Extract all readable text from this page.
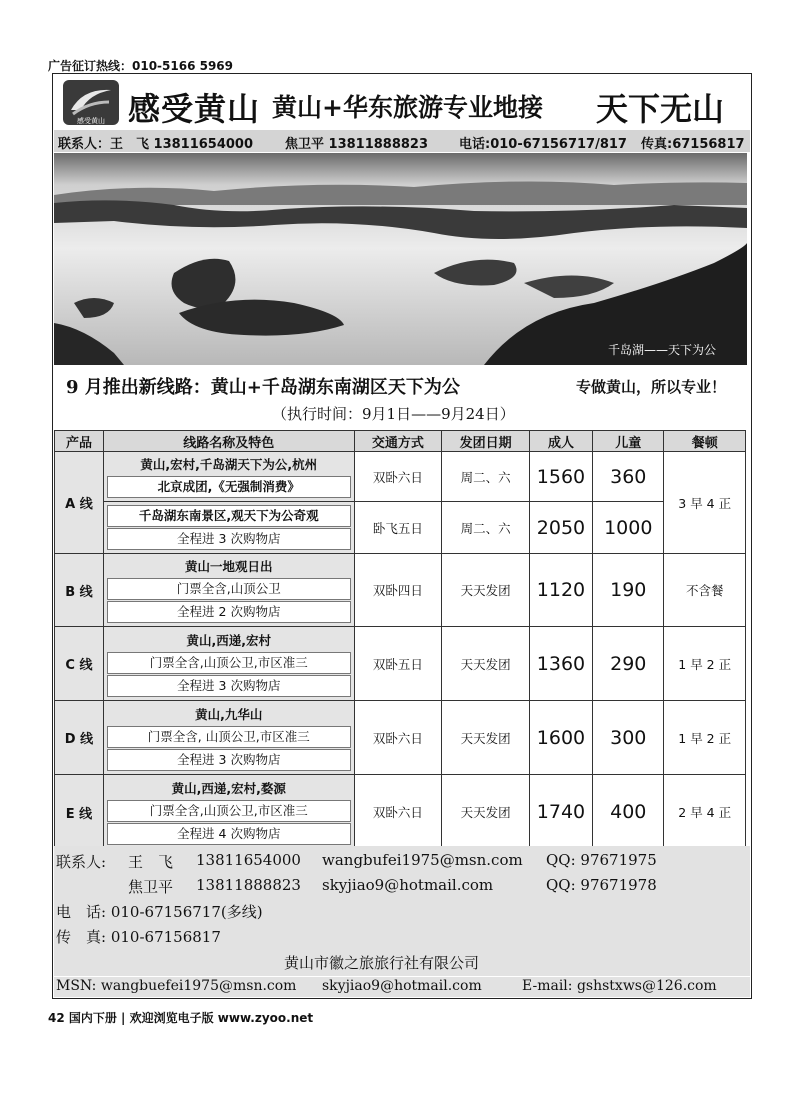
广告征订热线：010-5166 5969
感受黄山 感受黄山 黄山+华东旅游专业地接 天下无山
联系人：王　飞 13811654000 焦卫平 13811888823 电话:010-67156717/817 传真:67156817
千岛湖——天下为公
9 月推出新线路：黄山+千岛湖东南湖区天下为公	专做黄山，所以专业！
（执行时间：9月1日——9月24日）
产品	线路名称及特色	交通方式	发团日期	成人	儿童	餐顿
A 线	黄山,宏村,千岛湖天下为公,杭州
北京成团,《无强制消费》	双卧六日	周二、六	1560	360	3 早 4 正

	千岛湖东南景区,观天下为公奇观
全程进 3 次购物店	卧飞五日	周二、六	2050	1000	
B 线	黄山一地观日出
门票全含,山顶公卫
全程进 2 次购物店	双卧四日	天天发团	1120	190	不含餐
C 线	黄山,西递,宏村
门票全含,山顶公卫,市区准三
全程进 3 次购物店	双卧五日	天天发团	1360	290	1 早 2 正
D 线	黄山,九华山
门票全含, 山顶公卫,市区准三
全程进 3 次购物店	双卧六日	天天发团	1600	300	1 早 2 正
E 线	黄山,西递,宏村,婺源
门票全含,山顶公卫,市区准三
全程进 4 次购物店	双卧六日	天天发团	1740	400	2 早 4 正
联系人: 王　飞 13811654000 wangbufei1975@msn.com QQ: 97671975
焦卫平 13811888823 skyjiao9@hotmail.com	QQ: 97671978
电　话: 010-67156717(多线)
传　真: 010-67156817
黄山市徽之旅旅行社有限公司
MSN: wangbuefei1975@msn.com skyjiao9@hotmail.com	E-mail: gshstxws@126.com
42 国内下册 | 欢迎浏览电子版 www.zyoo.net
